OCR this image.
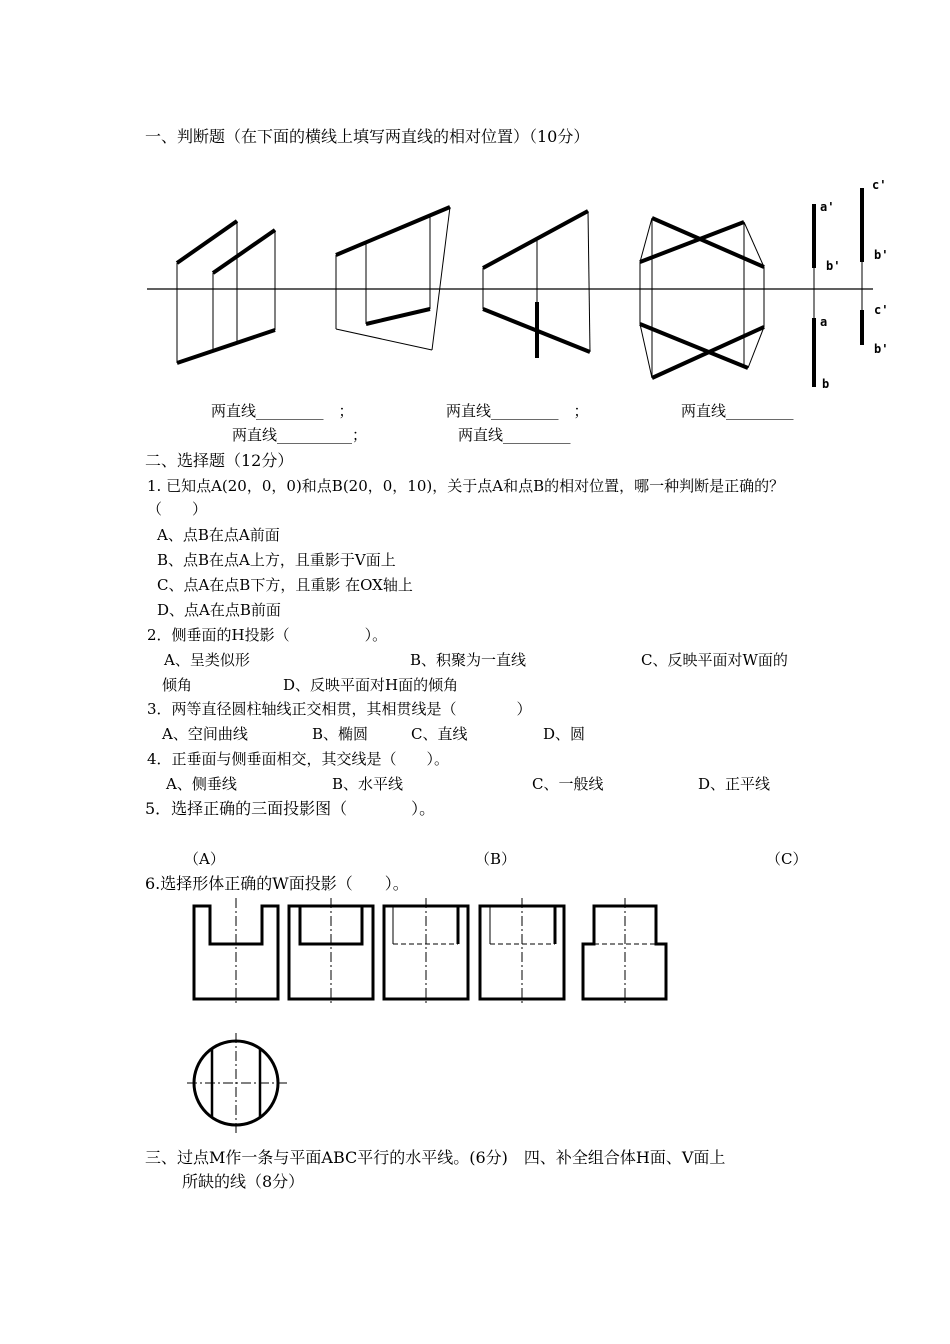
一、判断题（在下面的横线上填写两直线的相对位置）（10分）
a'
b'
a
b
c'
b'
c'
b'
两直线_________　；	两直线_________　；	两直线_________
两直线__________；	两直线_________
二、选择题（12分）
1. 已知点A(20，0，0)和点B(20，0，10)，关于点A和点B的相对位置，哪一种判断是正确的？
（　　）
A、点B在点A前面
B、点B在点A上方，且重影于V面上
C、点A在点B下方，且重影 在OX轴上
D、点A在点B前面
2．侧垂面的H投影（　　　　　）。
A、呈类似形	B、积聚为一直线	C、反映平面对W面的
倾角	D、反映平面对H面的倾角
3．两等直径圆柱轴线正交相贯，其相贯线是（　　　　）
A、空间曲线	B、椭圆	C、直线	D、圆
4．正垂面与侧垂面相交，其交线是（　　）。
A、侧垂线	B、水平线	C、一般线	D、正平线
5．选择正确的三面投影图（　　　　）。
（A）	（B）	（C）
6.选择形体正确的W面投影（　　）。
三、过点M作一条与平面ABC平行的水平线。(6分)　四、补全组合体H面、V面上
所缺的线（8分）
